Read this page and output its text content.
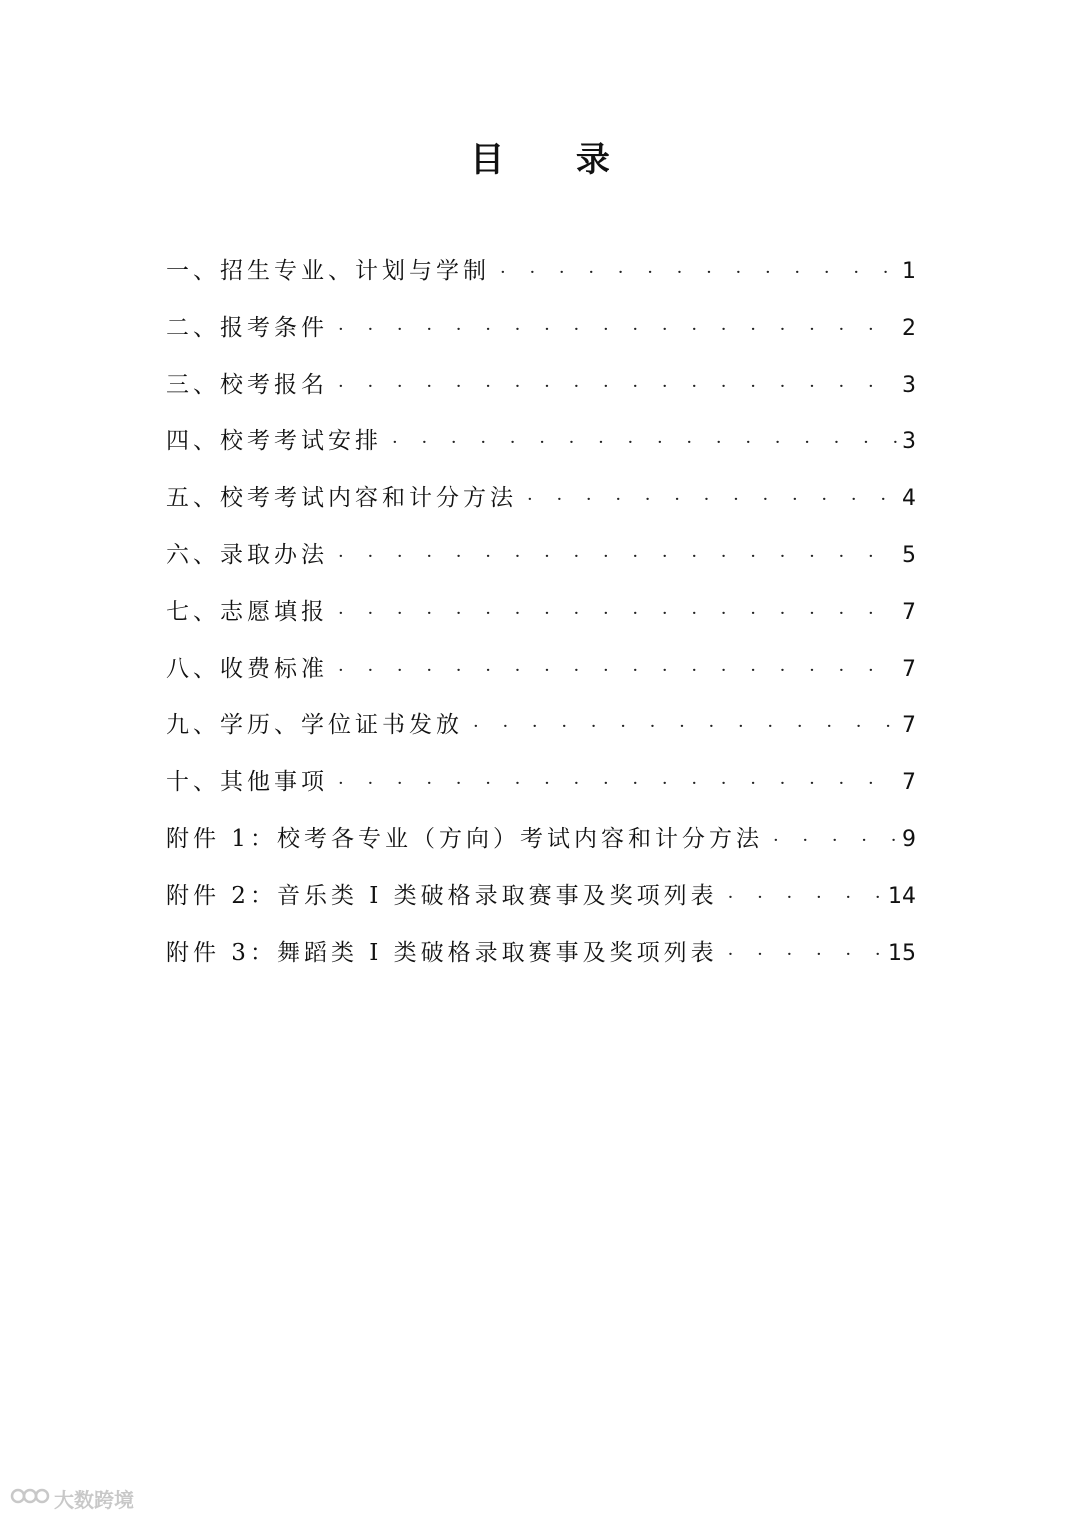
目 录
一、招生专业、计划与学制 · · ·	1
二、报考条件 · · ·	2
三、校考报名 · · ·	3
四、校考考试安排 · · ·	3
五、校考考试内容和计分方法 · · ·	4
六、录取办法 · · ·	5
七、志愿填报 · · ·	7
八、收费标准 · · ·	7
九、学历、学位证书发放 · · ·	7
十、其他事项 · · ·	7
附件 1：校考各专业（方向）考试内容和计分方法 · · ·	9
附件 2：音乐类 I 类破格录取赛事及奖项列表 · · ·	14
附件 3：舞蹈类 I 类破格录取赛事及奖项列表 · · ·	15
大数跨境
